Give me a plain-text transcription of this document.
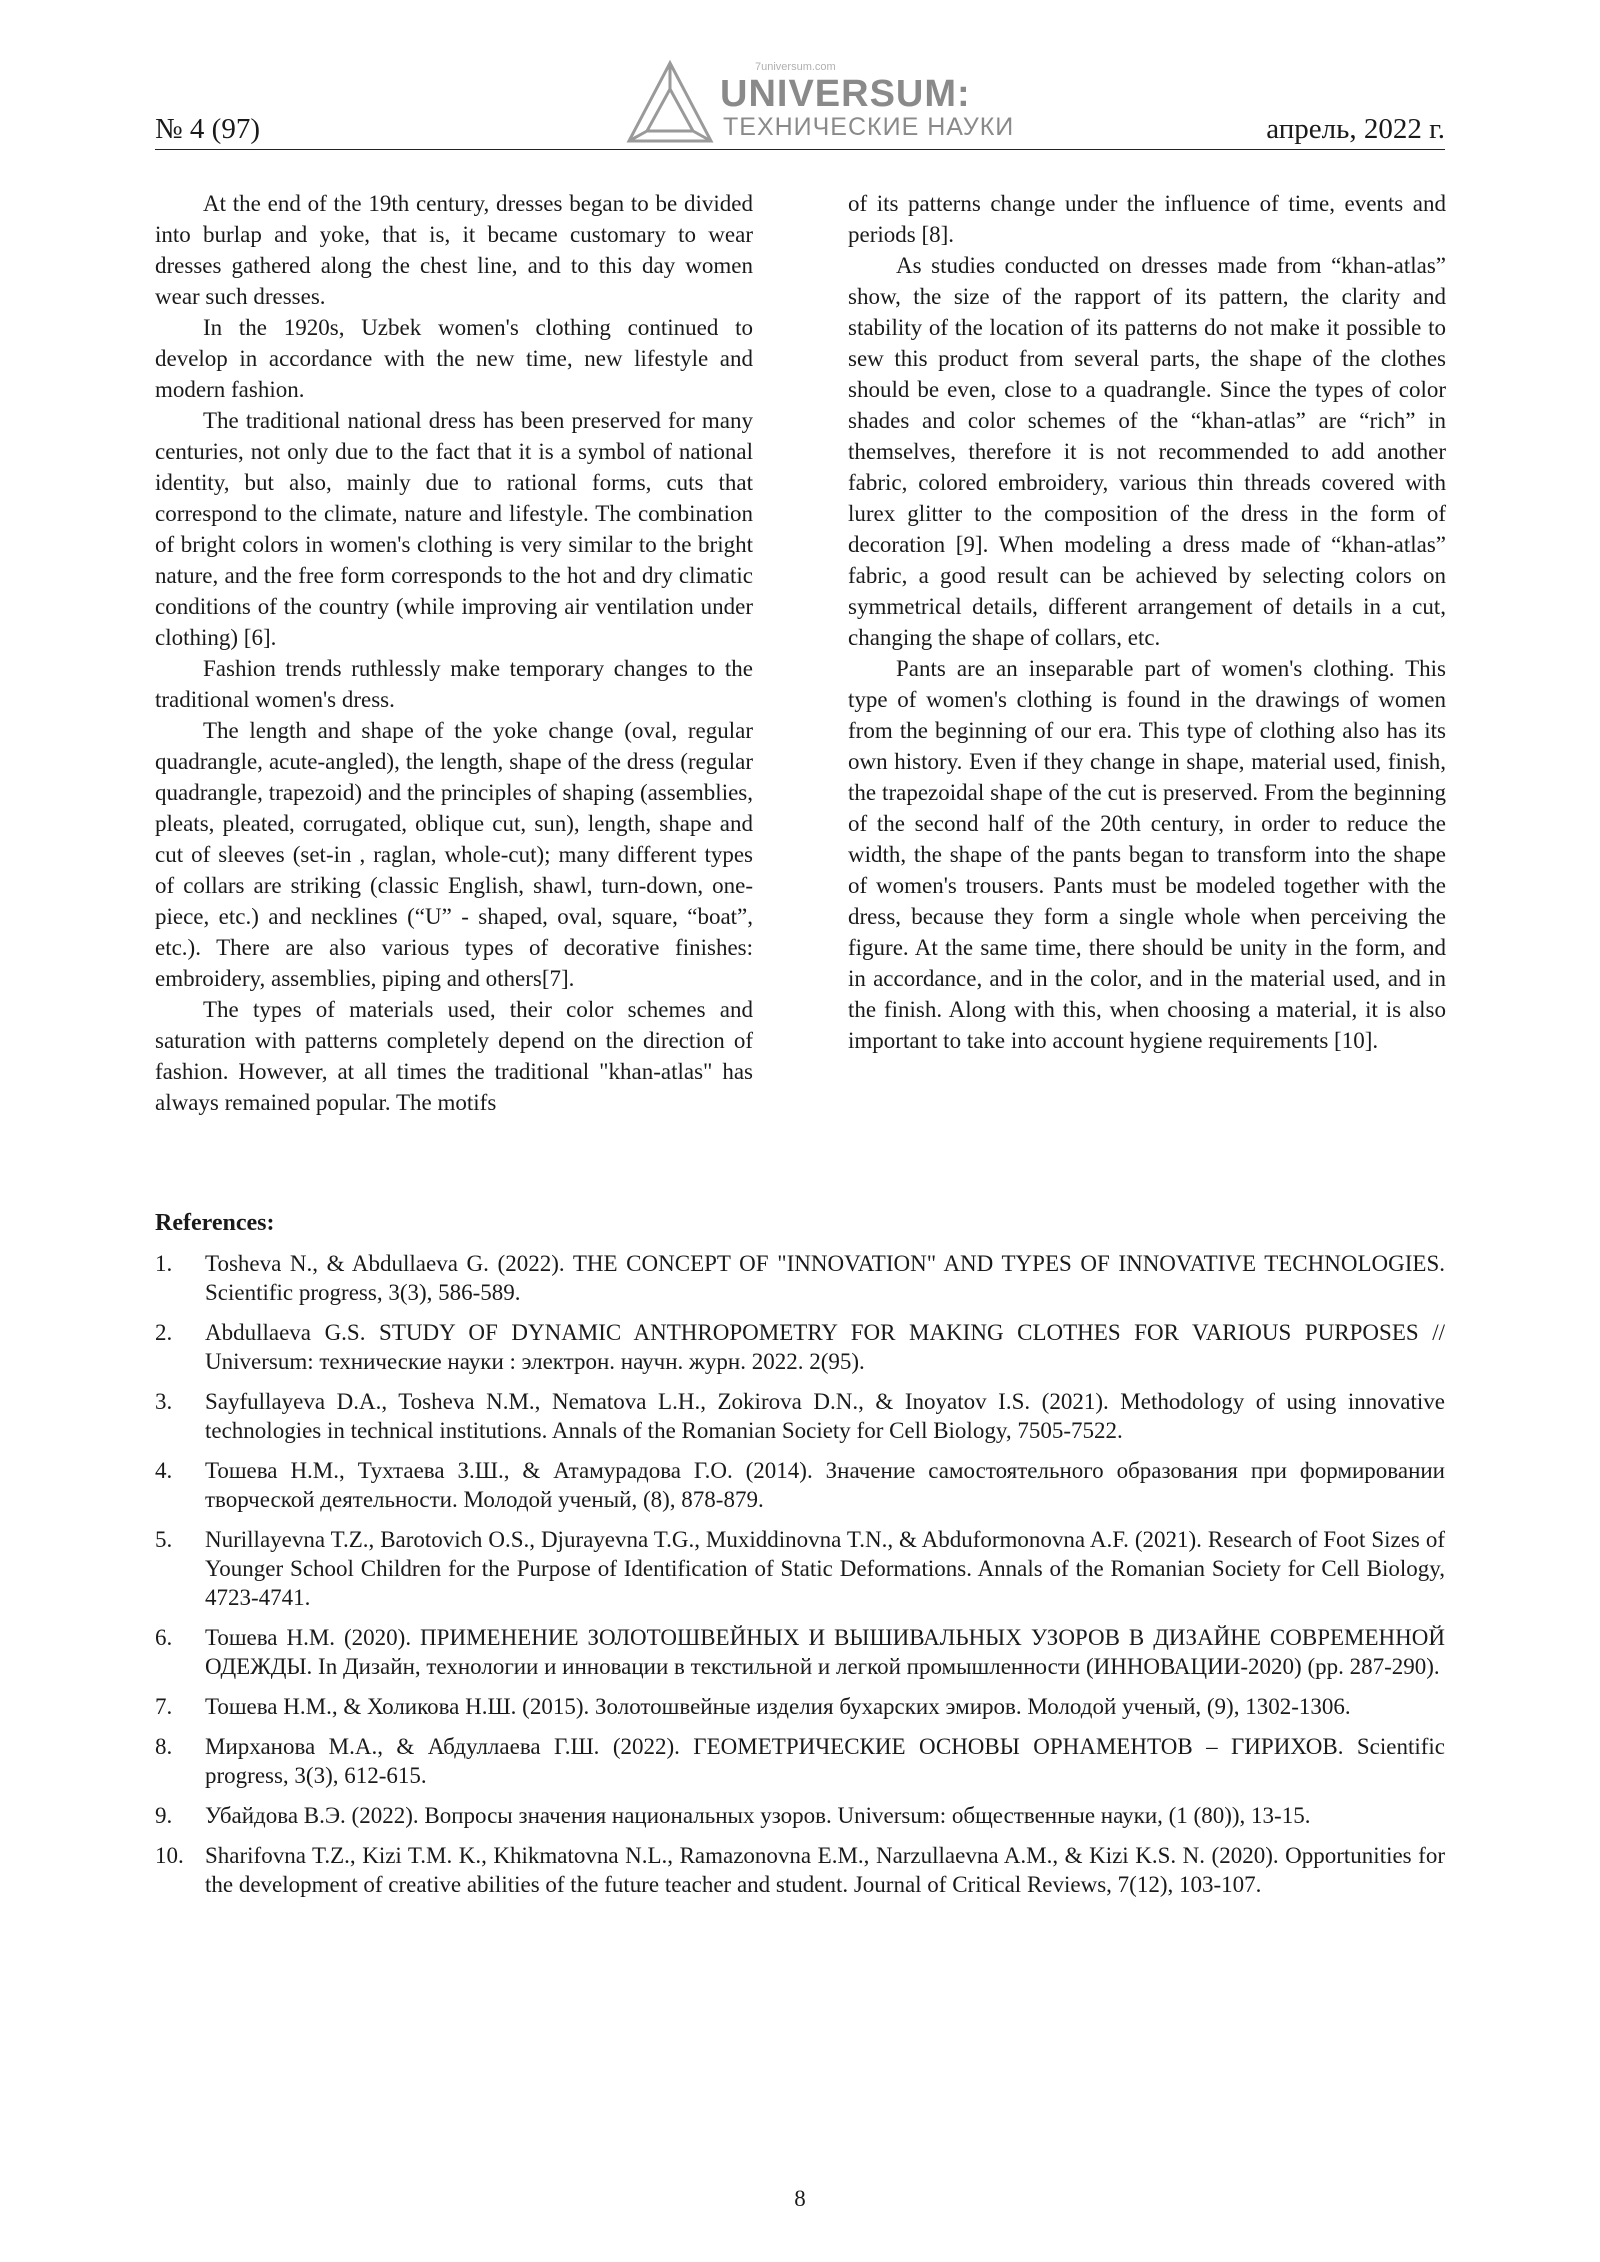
№ 4 (97)
7universum.com
UNIVERSUM:
ТЕХНИЧЕСКИЕ НАУКИ	апрель, 2022 г.

At the end of the 19th century, dresses began to be divided into burlap and yoke, that is, it became customary to wear dresses gathered along the chest line, and to this day women wear such dresses.

In the 1920s, Uzbek women's clothing continued to develop in accordance with the new time, new lifestyle and modern fashion.

The traditional national dress has been preserved for many centuries, not only due to the fact that it is a symbol of national identity, but also, mainly due to rational forms, cuts that correspond to the climate, nature and lifestyle. The combination of bright colors in women's clothing is very similar to the bright nature, and the free form corresponds to the hot and dry climatic conditions of the country (while improving air ventilation under clothing) [6].

Fashion trends ruthlessly make temporary changes to the traditional women's dress.

The length and shape of the yoke change (oval, regular quadrangle, acute-angled), the length, shape of the dress (regular quadrangle, trapezoid) and the principles of shaping (assemblies, pleats, pleated, corrugated, oblique cut, sun), length, shape and cut of sleeves (set-in , raglan, whole-cut); many different types of collars are striking (classic English, shawl, turn-down, one-piece, etc.) and necklines (“U” - shaped, oval, square, “boat”, etc.). There are also various types of decorative finishes: embroidery, assemblies, piping and others[7].

The types of materials used, their color schemes and saturation with patterns completely depend on the direction of fashion. However, at all times the traditional "khan-atlas" has always remained popular. The motifs

of its patterns change under the influence of time, events and periods [8].

As studies conducted on dresses made from “khan-atlas” show, the size of the rapport of its pattern, the clarity and stability of the location of its patterns do not make it possible to sew this product from several parts, the shape of the clothes should be even, close to a quadrangle. Since the types of color shades and color schemes of the “khan-atlas” are “rich” in themselves, therefore it is not recommended to add another fabric, colored embroidery, various thin threads covered with lurex glitter to the composition of the dress in the form of decoration [9]. When modeling a dress made of “khan-atlas” fabric, a good result can be achieved by selecting colors on symmetrical details, different arrangement of details in a cut, changing the shape of collars, etc.

Pants are an inseparable part of women's clothing. This type of women's clothing is found in the drawings of women from the beginning of our era. This type of clothing also has its own history. Even if they change in shape, material used, finish, the trapezoidal shape of the cut is preserved. From the beginning of the second half of the 20th century, in order to reduce the width, the shape of the pants began to transform into the shape of women's trousers. Pants must be modeled together with the dress, because they form a single whole when perceiving the figure. At the same time, there should be unity in the form, and in accordance, and in the color, and in the material used, and in the finish. Along with this, when choosing a material, it is also important to take into account hygiene requirements [10].

References:
1. Tosheva N., & Abdullaeva G. (2022). THE CONCEPT OF "INNOVATION" AND TYPES OF INNOVATIVE TECHNOLOGIES. Scientific progress, 3(3), 586-589.
2. Abdullaeva G.S. STUDY OF DYNAMIC ANTHROPOMETRY FOR MAKING CLOTHES FOR VARIOUS PURPOSES // Universum: технические науки : электрон. научн. журн. 2022. 2(95).
3. Sayfullayeva D.A., Tosheva N.M., Nematova L.H., Zokirova D.N., & Inoyatov I.S. (2021). Methodology of using innovative technologies in technical institutions. Annals of the Romanian Society for Cell Biology, 7505-7522.
4. Тошева Н.М., Тухтаева З.Ш., & Атамурадова Г.О. (2014). Значение самостоятельного образования при формировании творческой деятельности. Молодой ученый, (8), 878-879.
5. Nurillayevna T.Z., Barotovich O.S., Djurayevna T.G., Muxiddinovna T.N., & Abduformonovna A.F. (2021). Research of Foot Sizes of Younger School Children for the Purpose of Identification of Static Deformations. Annals of the Romanian Society for Cell Biology, 4723-4741.
6. Тошева Н.М. (2020). ПРИМЕНЕНИЕ ЗОЛОТОШВЕЙНЫХ И ВЫШИВАЛЬНЫХ УЗОРОВ В ДИЗАЙНЕ СОВРЕМЕННОЙ ОДЕЖДЫ. In Дизайн, технологии и инновации в текстильной и легкой промышленности (ИННОВАЦИИ-2020) (pp. 287-290).
7. Тошева Н.М., & Холикова Н.Ш. (2015). Золотошвейные изделия бухарских эмиров. Молодой ученый, (9), 1302-1306.
8. Мирханова М.А., & Абдуллаева Г.Ш. (2022). ГЕОМЕТРИЧЕСКИЕ ОСНОВЫ ОРНАМЕНТОВ – ГИРИХОВ. Scientific progress, 3(3), 612-615.
9. Убайдова В.Э. (2022). Вопросы значения национальных узоров. Universum: общественные науки, (1 (80)), 13-15.
10. Sharifovna T.Z., Kizi T.M. K., Khikmatovna N.L., Ramazonovna E.M., Narzullaevna A.M., & Kizi K.S. N. (2020). Opportunities for the development of creative abilities of the future teacher and student. Journal of Critical Reviews, 7(12), 103-107.
8
